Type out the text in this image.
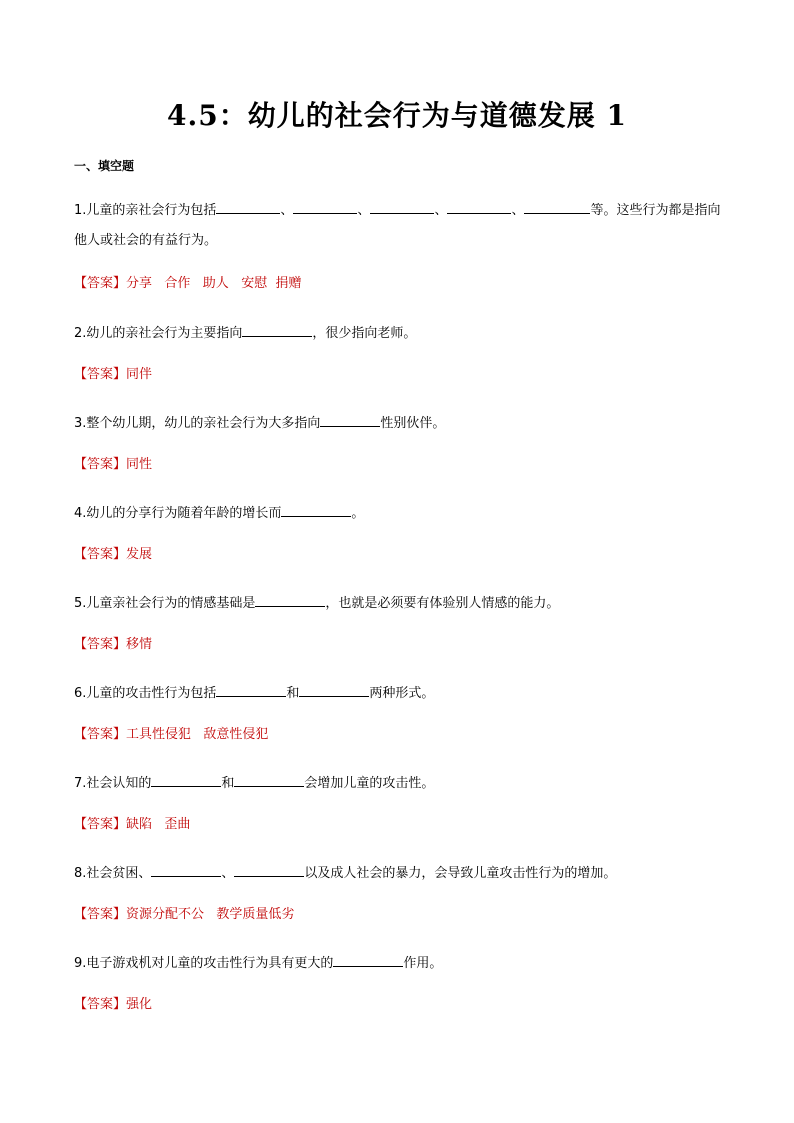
4.5：幼儿的社会行为与道德发展 1
一、填空题

1.儿童的亲社会行为包括	、	、	、	、	等。这些行为都是指向他人或社会的有益行为。

【答案】分享   合作   助人   安慰  捐赠

2.幼儿的亲社会行为主要指向	，很少指向老师。

【答案】同伴

3.整个幼儿期，幼儿的亲社会行为大多指向	性别伙伴。

【答案】同性

4.幼儿的分享行为随着年龄的增长而	。

【答案】发展

5.儿童亲社会行为的情感基础是	，也就是必须要有体验别人情感的能力。

【答案】移情

6.儿童的攻击性行为包括	和	两种形式。

【答案】工具性侵犯   敌意性侵犯

7.社会认知的	和	会增加儿童的攻击性。

【答案】缺陷   歪曲

8.社会贫困、	、	以及成人社会的暴力，会导致儿童攻击性行为的增加。

【答案】资源分配不公   教学质量低劣

9.电子游戏机对儿童的攻击性行为具有更大的	作用。

【答案】强化
